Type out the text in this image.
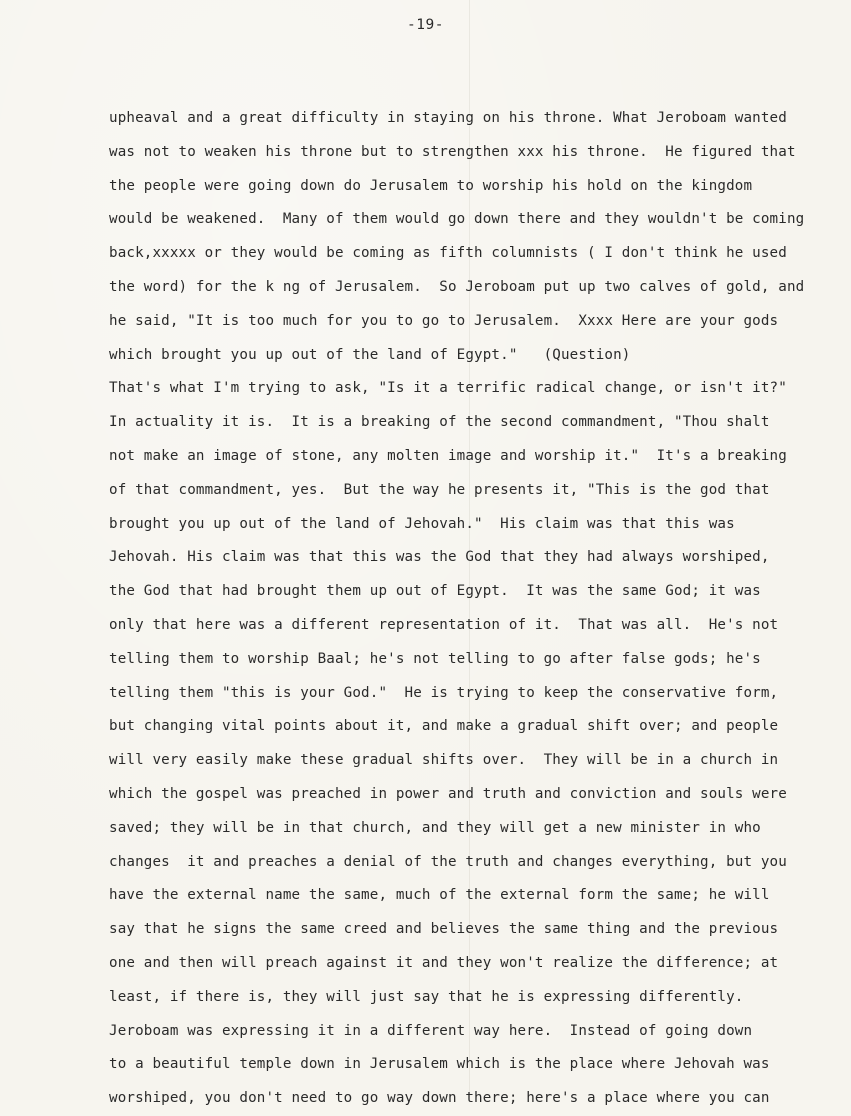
-19-
upheaval and a great difficulty in staying on his throne. What Jeroboam wanted
was not to weaken his throne but to strengthen xxx his throne.  He figured that
the people were going down do Jerusalem to worship his hold on the kingdom
would be weakened.  Many of them would go down there and they wouldn't be coming
back,xxxxx or they would be coming as fifth columnists ( I don't think he used
the word) for the k ng of Jerusalem.  So Jeroboam put up two calves of gold, and
he said, "It is too much for you to go to Jerusalem.  Xxxx Here are your gods
which brought you up out of the land of Egypt."   (Question)
That's what I'm trying to ask, "Is it a terrific radical change, or isn't it?"
In actuality it is.  It is a breaking of the second commandment, "Thou shalt
not make an image of stone, any molten image and worship it."  It's a breaking
of that commandment, yes.  But the way he presents it, "This is the god that
brought you up out of the land of Jehovah."  His claim was that this was
Jehovah. His claim was that this was the God that they had always worshiped,
the God that had brought them up out of Egypt.  It was the same God; it was
only that here was a different representation of it.  That was all.  He's not
telling them to worship Baal; he's not telling to go after false gods; he's
telling them "this is your God."  He is trying to keep the conservative form,
but changing vital points about it, and make a gradual shift over; and people
will very easily make these gradual shifts over.  They will be in a church in
which the gospel was preached in power and truth and conviction and souls were
saved; they will be in that church, and they will get a new minister in who
changes  it and preaches a denial of the truth and changes everything, but you
have the external name the same, much of the external form the same; he will
say that he signs the same creed and believes the same thing and the previous
one and then will preach against it and they won't realize the difference; at
least, if there is, they will just say that he is expressing differently.
Jeroboam was expressing it in a different way here.  Instead of going down
to a beautiful temple down in Jerusalem which is the place where Jehovah was
worshiped, you don't need to go way down there; here's a place where you can
